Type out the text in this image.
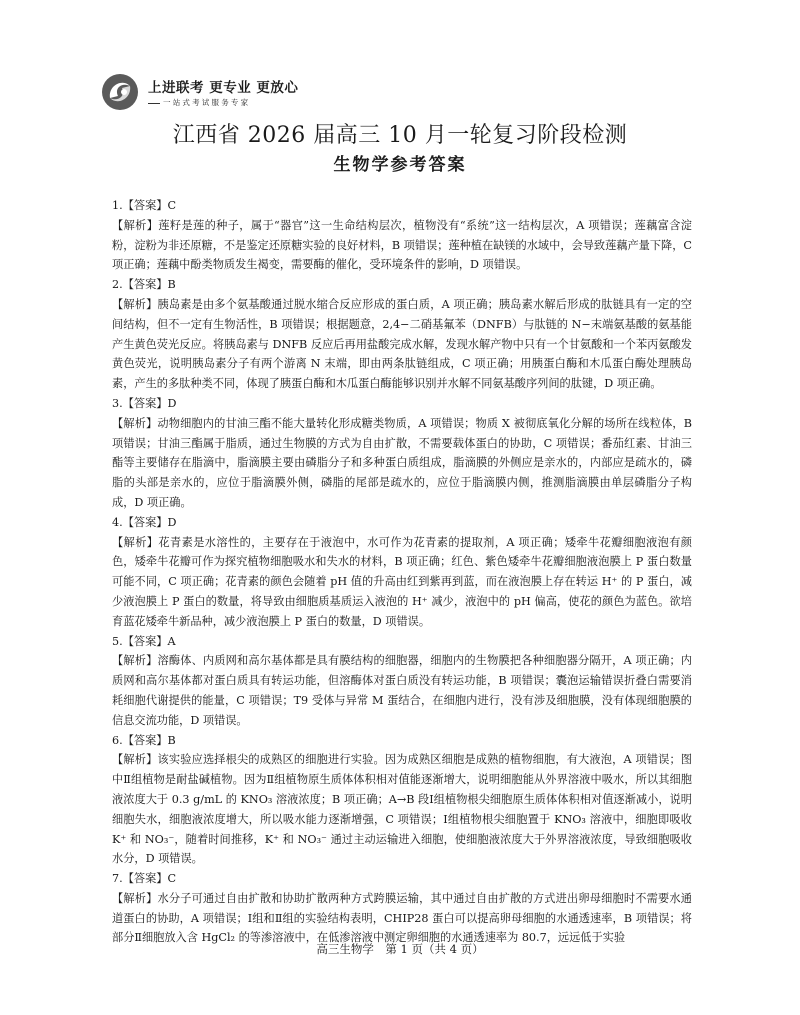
上进联考 更专业 更放心
一站式考试服务专家
江西省 2026 届高三 10 月一轮复习阶段检测
生物学参考答案
1.【答案】C
【解析】莲籽是莲的种子，属于“器官”这一生命结构层次，植物没有“系统”这一结构层次，A 项错误；莲藕富含淀粉，淀粉为非还原糖，不是鉴定还原糖实验的良好材料，B 项错误；莲种植在缺镁的水域中，会导致莲藕产量下降，C 项正确；莲藕中酚类物质发生褐变，需要酶的催化，受环境条件的影响，D 项错误。
2.【答案】B
【解析】胰岛素是由多个氨基酸通过脱水缩合反应形成的蛋白质，A 项正确；胰岛素水解后形成的肽链具有一定的空间结构，但不一定有生物活性，B 项错误；根据题意，2,4−二硝基氟苯（DNFB）与肽链的 N−末端氨基酸的氨基能产生黄色荧光反应。将胰岛素与 DNFB 反应后再用盐酸完成水解，发现水解产物中只有一个甘氨酸和一个苯丙氨酸发黄色荧光，说明胰岛素分子有两个游离 N 末端，即由两条肽链组成，C 项正确；用胰蛋白酶和木瓜蛋白酶处理胰岛素，产生的多肽种类不同，体现了胰蛋白酶和木瓜蛋白酶能够识别并水解不同氨基酸序列间的肽键，D 项正确。
3.【答案】D
【解析】动物细胞内的甘油三酯不能大量转化形成糖类物质，A 项错误；物质 X 被彻底氧化分解的场所在线粒体，B 项错误；甘油三酯属于脂质，通过生物膜的方式为自由扩散，不需要载体蛋白的协助，C 项错误；番茄红素、甘油三酯等主要储存在脂滴中，脂滴膜主要由磷脂分子和多种蛋白质组成，脂滴膜的外侧应是亲水的，内部应是疏水的，磷脂的头部是亲水的，应位于脂滴膜外侧，磷脂的尾部是疏水的，应位于脂滴膜内侧，推测脂滴膜由单层磷脂分子构成，D 项正确。
4.【答案】D
【解析】花青素是水溶性的，主要存在于液泡中，水可作为花青素的提取剂，A 项正确；矮牵牛花瓣细胞液泡有颜色，矮牵牛花瓣可作为探究植物细胞吸水和失水的材料，B 项正确；红色、紫色矮牵牛花瓣细胞液泡膜上 P 蛋白数量可能不同，C 项正确；花青素的颜色会随着 pH 值的升高由红到紫再到蓝，而在液泡膜上存在转运 H⁺ 的 P 蛋白，减少液泡膜上 P 蛋白的数量，将导致由细胞质基质运入液泡的 H⁺ 减少，液泡中的 pH 偏高，使花的颜色为蓝色。欲培育蓝花矮牵牛新品种，减少液泡膜上 P 蛋白的数量，D 项错误。
5.【答案】A
【解析】溶酶体、内质网和高尔基体都是具有膜结构的细胞器，细胞内的生物膜把各种细胞器分隔开，A 项正确；内质网和高尔基体都对蛋白质具有转运功能，但溶酶体对蛋白质没有转运功能，B 项错误；囊泡运输错误折叠白需要消耗细胞代谢提供的能量，C 项错误；T9 受体与异常 M 蛋结合，在细胞内进行，没有涉及细胞膜，没有体现细胞膜的信息交流功能，D 项错误。
6.【答案】B
【解析】该实验应选择根尖的成熟区的细胞进行实验。因为成熟区细胞是成熟的植物细胞，有大液泡，A 项错误；图中Ⅱ组植物是耐盐碱植物。因为Ⅱ组植物原生质体体积相对值能逐渐增大，说明细胞能从外界溶液中吸水，所以其细胞液浓度大于 0.3 g/mL 的 KNO₃ 溶液浓度；B 项正确；A→B 段Ⅰ组植物根尖细胞原生质体体积相对值逐渐减小，说明细胞失水，细胞液浓度增大，所以吸水能力逐渐增强，C 项错误；Ⅰ组植物根尖细胞置于 KNO₃ 溶液中，细胞即吸收 K⁺ 和 NO₃⁻，随着时间推移，K⁺ 和 NO₃⁻ 通过主动运输进入细胞，使细胞液浓度大于外界溶液浓度，导致细胞吸收水分，D 项错误。
7.【答案】C
【解析】水分子可通过自由扩散和协助扩散两种方式跨膜运输，其中通过自由扩散的方式进出卵母细胞时不需要水通道蛋白的协助，A 项错误；Ⅰ组和Ⅱ组的实验结构表明，CHIP28 蛋白可以提高卵母细胞的水通透速率，B 项错误；将部分Ⅱ细胞放入含 HgCl₂ 的等渗溶液中，在低渗溶液中测定卵细胞的水通透速率为 80.7，远远低于实验
高三生物学　第 1 页（共 4 页）
